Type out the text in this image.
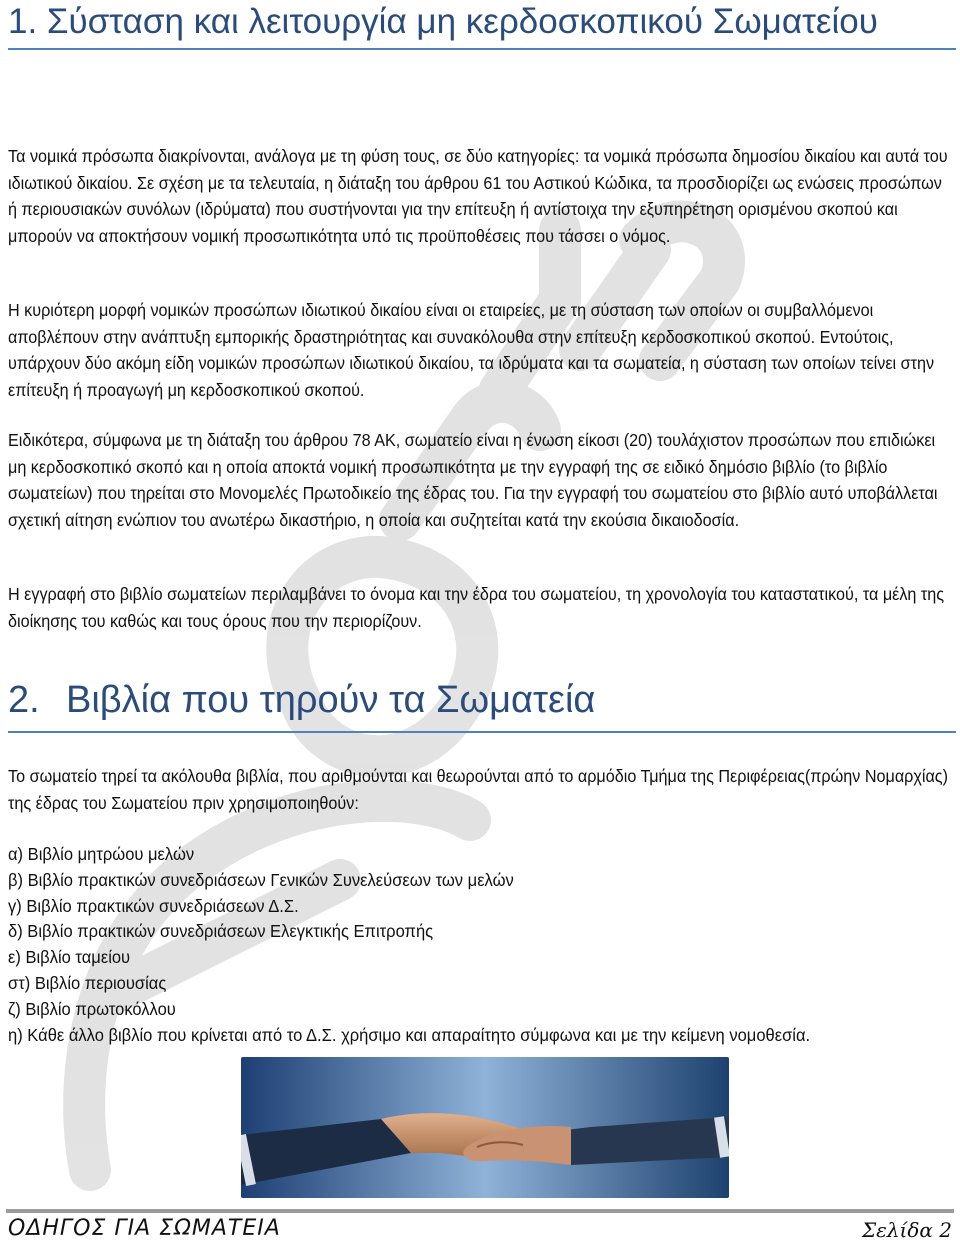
1. Σύσταση και λειτουργία μη κερδοσκοπικού Σωματείου

Τα νομικά πρόσωπα διακρίνονται, ανάλογα με τη φύση τους, σε δύο κατηγορίες: τα νομικά πρόσωπα δημοσίου δικαίου και αυτά του ιδιωτικού δικαίου. Σε σχέση με τα τελευταία, η διάταξη του άρθρου 61 του Αστικού Κώδικα, τα προσδιορίζει ως ενώσεις προσώπων ή περιουσιακών συνόλων (ιδρύματα) που συστήνονται για την επίτευξη ή αντίστοιχα την εξυπηρέτηση ορισμένου σκοπού και μπορούν να αποκτήσουν νομική προσωπικότητα υπό τις προϋποθέσεις που τάσσει ο νόμος.

Η κυριότερη μορφή νομικών προσώπων ιδιωτικού δικαίου είναι οι εταιρείες, με τη σύσταση των οποίων οι συμβαλλόμενοι αποβλέπουν στην ανάπτυξη εμπορικής δραστηριότητας και συνακόλουθα στην επίτευξη κερδοσκοπικού σκοπού. Εντούτοις, υπάρχουν δύο ακόμη είδη νομικών προσώπων ιδιωτικού δικαίου, τα ιδρύματα και τα σωματεία, η σύσταση των οποίων τείνει στην επίτευξη ή προαγωγή μη κερδοσκοπικού σκοπού.

Ειδικότερα, σύμφωνα με τη διάταξη του άρθρου 78 ΑΚ, σωματείο είναι η ένωση είκοσι (20) τουλάχιστον προσώπων που επιδιώκει μη κερδοσκοπικό σκοπό και η οποία αποκτά νομική προσωπικότητα με την εγγραφή της σε ειδικό δημόσιο βιβλίο (το βιβλίο σωματείων) που τηρείται στο Μονομελές Πρωτοδικείο της έδρας του. Για την εγγραφή του σωματείου στο βιβλίο αυτό υποβάλλεται σχετική αίτηση ενώπιον του ανωτέρω δικαστήριο, η οποία και συζητείται κατά την εκούσια δικαιοδοσία.

Η εγγραφή στο βιβλίο σωματείων περιλαμβάνει το όνομα και την έδρα του σωματείου, τη χρονολογία του καταστατικού, τα μέλη της διοίκησης του καθώς και τους όρους που την περιορίζουν.

2. Βιβλία που τηρούν τα Σωματεία

Το σωματείο τηρεί τα ακόλουθα βιβλία, που αριθμούνται και θεωρούνται από το αρμόδιο Τμήμα της Περιφέρειας(πρώην Νομαρχίας) της έδρας του Σωματείου πριν χρησιμοποιηθούν:

α) Βιβλίο μητρώου μελών
β) Βιβλίο πρακτικών συνεδριάσεων Γενικών Συνελεύσεων των μελών
γ) Βιβλίο πρακτικών συνεδριάσεων Δ.Σ.
δ) Βιβλίο πρακτικών συνεδριάσεων Ελεγκτικής Επιτροπής
ε) Βιβλίο ταμείου
στ) Βιβλίο περιουσίας
ζ) Βιβλίο πρωτοκόλλου
η) Κάθε άλλο βιβλίο που κρίνεται από το Δ.Σ. χρήσιμο και απαραίτητο σύμφωνα και με την κείμενη νομοθεσία.
ΟΔΗΓΟΣ ΓΙΑ ΣΩΜΑΤΕΙΑ	Σελίδα 2
